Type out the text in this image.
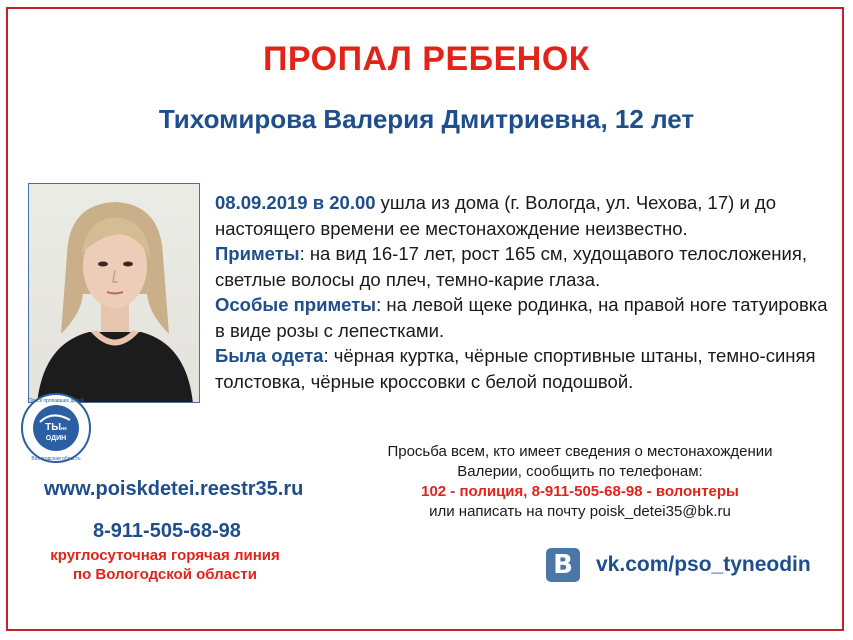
ПРОПАЛ РЕБЕНОК
Тихомирова Валерия Дмитриевна, 12 лет
ТЫне
ОДИН
Поиск пропавших детей
Вологодская область

08.09.2019 в 20.00 ушла из дома (г. Вологда, ул. Чехова, 17) и до настоящего времени ее местонахождение неизвестно.

Приметы: на вид 16-17 лет, рост 165 см, худощавого телосложения, светлые волосы до плеч, темно-карие глаза.

Особые приметы: на левой щеке родинка, на правой ноге татуировка в виде розы с лепестками.

Была одета: чёрная куртка, чёрные спортивные штаны, темно-синяя толстовка, чёрные кроссовки с белой подошвой.

www.poiskdetei.reestr35.ru
8-911-505-68-98
круглосуточная горячая линия
по Вологодской области
Просьба всем, кто имеет сведения о местонахождении
Валерии, сообщить по телефонам:
102 - полиция, 8-911-505-68-98 - волонтеры
или написать на почту poisk_detei35@bk.ru
B	vk.com/pso_tyneodin
